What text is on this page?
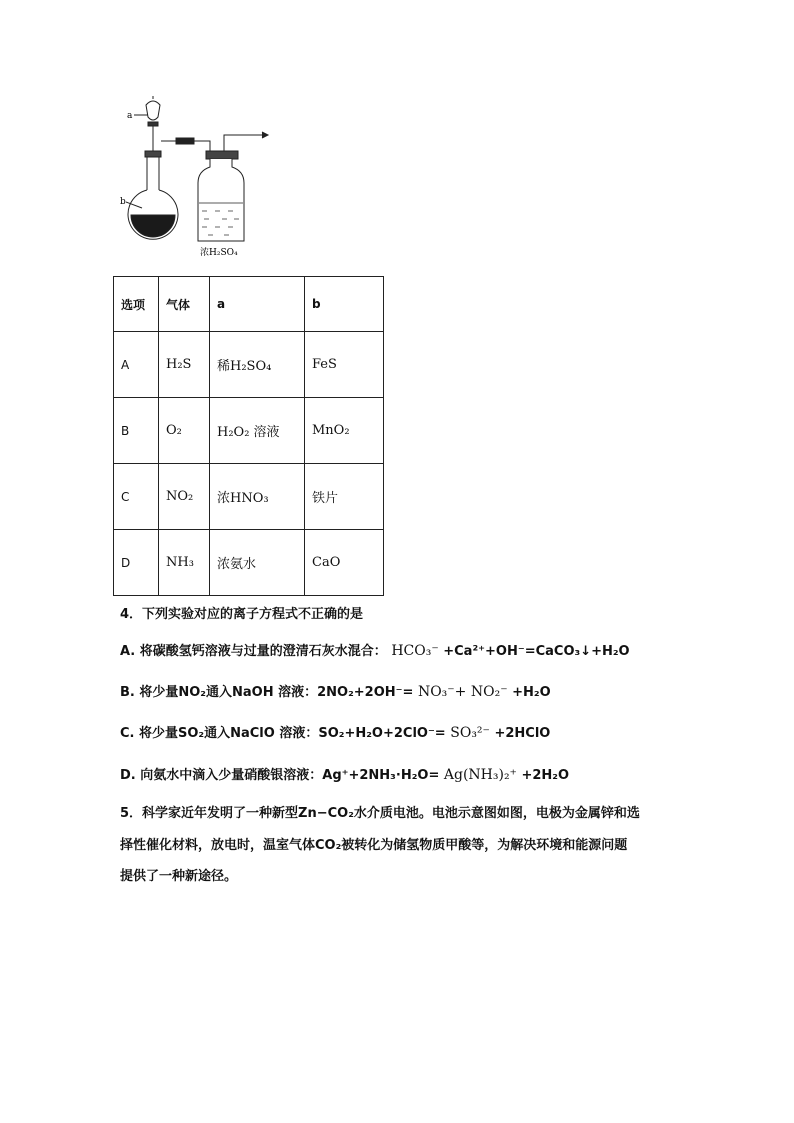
a
b
浓H₂SO₄
选项	气体	a	b
A	H₂S	稀H₂SO₄	FeS
B	O₂	H₂O₂ 溶液	MnO₂
C	NO₂	浓HNO₃	铁片
D	NH₃	浓氨水	CaO
4．下列实验对应的离子方程式不正确的是
A. 将碳酸氢钙溶液与过量的澄清石灰水混合： HCO₃⁻ +Ca²⁺+OH⁻=CaCO₃↓+H₂O
B. 将少量NO₂通入NaOH 溶液：2NO₂+2OH⁻= NO₃⁻+ NO₂⁻ +H₂O
C. 将少量SO₂通入NaClO 溶液：SO₂+H₂O+2ClO⁻= SO₃²⁻ +2HClO
D. 向氨水中滴入少量硝酸银溶液：Ag⁺+2NH₃·H₂O= Ag(NH₃)₂⁺ +2H₂O
5．科学家近年发明了一种新型Zn−CO₂水介质电池。电池示意图如图，电极为金属锌和选
择性催化材料，放电时，温室气体CO₂被转化为储氢物质甲酸等，为解决环境和能源问题
提供了一种新途径。
